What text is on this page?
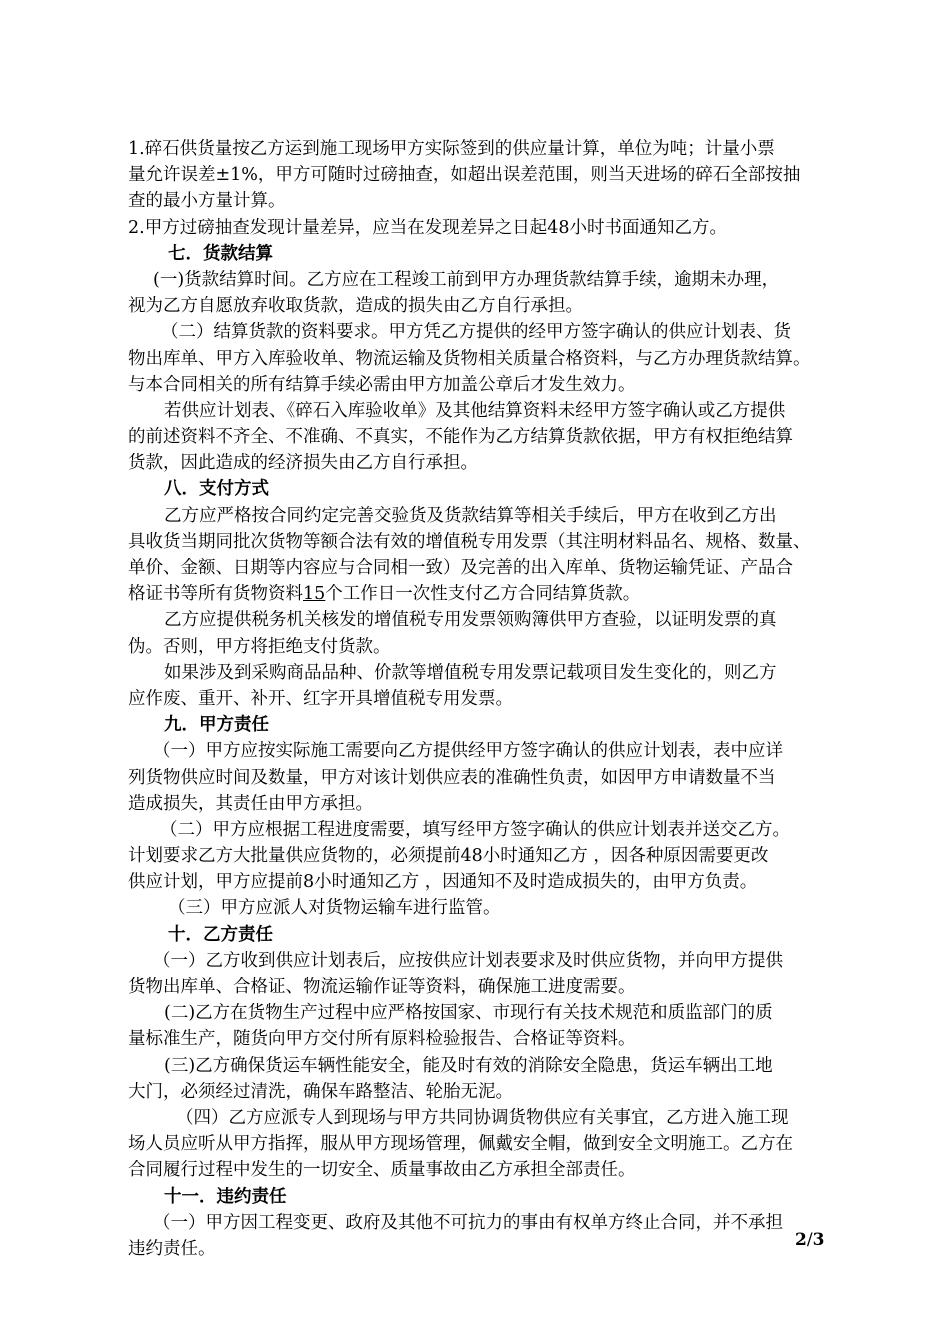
1.碎石供货量按乙方运到施工现场甲方实际签到的供应量计算，单位为吨；计量小票
量允许误差±1%，甲方可随时过磅抽查，如超出误差范围，则当天进场的碎石全部按抽
查的最小方量计算。
2.甲方过磅抽查发现计量差异，应当在发现差异之日起48小时书面通知乙方。
七．货款结算
(一)货款结算时间。乙方应在工程竣工前到甲方办理货款结算手续，逾期未办理，
视为乙方自愿放弃收取货款，造成的损失由乙方自行承担。
（二）结算货款的资料要求。甲方凭乙方提供的经甲方签字确认的供应计划表、货
物出库单、甲方入库验收单、物流运输及货物相关质量合格资料，与乙方办理货款结算。
与本合同相关的所有结算手续必需由甲方加盖公章后才发生效力。
若供应计划表、《碎石入库验收单》及其他结算资料未经甲方签字确认或乙方提供
的前述资料不齐全、不准确、不真实，不能作为乙方结算货款依据，甲方有权拒绝结算
货款，因此造成的经济损失由乙方自行承担。
八．支付方式
乙方应严格按合同约定完善交验货及货款结算等相关手续后，甲方在收到乙方出
具收货当期同批次货物等额合法有效的增值税专用发票（其注明材料品名、规格、数量、
单价、金额、日期等内容应与合同相一致）及完善的出入库单、货物运输凭证、产品合
格证书等所有货物资料15个工作日一次性支付乙方合同结算货款。
乙方应提供税务机关核发的增值税专用发票领购簿供甲方查验，以证明发票的真
伪。否则，甲方将拒绝支付货款。
如果涉及到采购商品品种、价款等增值税专用发票记载项目发生变化的，则乙方
应作废、重开、补开、红字开具增值税专用发票。
九．甲方责任
（一）甲方应按实际施工需要向乙方提供经甲方签字确认的供应计划表，表中应详
列货物供应时间及数量，甲方对该计划供应表的准确性负责，如因甲方申请数量不当
造成损失，其责任由甲方承担。
（二）甲方应根据工程进度需要，填写经甲方签字确认的供应计划表并送交乙方。
计划要求乙方大批量供应货物的，必须提前48小时通知乙方 ，因各种原因需要更改
供应计划，甲方应提前8小时通知乙方 ，因通知不及时造成损失的，由甲方负责。
（三）甲方应派人对货物运输车进行监管。
十．乙方责任
（一）乙方收到供应计划表后，应按供应计划表要求及时供应货物，并向甲方提供
货物出库单、合格证、物流运输作证等资料，确保施工进度需要。
(二)乙方在货物生产过程中应严格按国家、市现行有关技术规范和质监部门的质
量标准生产，随货向甲方交付所有原料检验报告、合格证等资料。
(三)乙方确保货运车辆性能安全，能及时有效的消除安全隐患，货运车辆出工地
大门，必须经过清洗，确保车路整洁、轮胎无泥。
（四）乙方应派专人到现场与甲方共同协调货物供应有关事宜，乙方进入施工现
场人员应听从甲方指挥，服从甲方现场管理，佩戴安全帽，做到安全文明施工。乙方在
合同履行过程中发生的一切安全、质量事故由乙方承担全部责任。
十一．违约责任
（一）甲方因工程变更、政府及其他不可抗力的事由有权单方终止合同，并不承担
违约责任。	2/3
